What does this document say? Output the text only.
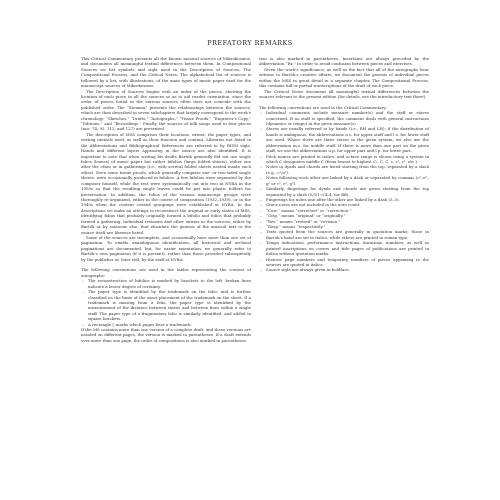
PREFATORY REMARKS

This Critical Commentary presents all the known musical sources of Mikrokosmos, and documents all meaningful textual differences between them. In Compositional Sources we list symbols and sigla used in the Description of Sources, The Compositional Process, and the Critical Notes. The alphabetical list of sources is followed by a list, with illustrations, of the main types of music paper used for the manuscript sources of Mikrokosmos.

The Description of Sources begins with an index of the pieces, showing the location of each piece in all the sources so as to aid reader orientation, since the order of pieces found in the various sources often does not coincide with the published order. The “Stemma” presents the relationships between the sources, which are then described in seven subchapters that largely correspond to the work’s chronology: “Sketches,” “Drafts,” “Autographs,” “Tissue Proofs,” “Engraver’s Copy,” “Editions,” and “Recordings.” Finally, the sources of folk songs used in four pieces (nos. 74, 95, 112, and 127) are presented.

The description of MSS comprises their locations, extent, the paper types, and writing utensils used, as well as their function and content. Libraries not listed in the Abbreviations and Bibliographical References are referred to by RISM sigla. Hands and different layers appearing in the source are also identified. It is important to note that when writing his drafts Bartók generally did not use single folios (leaves) of music paper but rather bifolios (large folded sheets), either one after the other or in gatherings (i.e., with several folded sheets nested inside each other). Even some tissue proofs, which generally comprise one- or two-sided single sheets, were occasionally produced in bifolios. A few bifolios were separated by the composer himself, while the rest were systematically cut into two at NYBA in the 1950s so that the resulting single leaves could be put into plastic folders for preservation. In addition, the folios of the various manuscript groups were thoroughly re-organized, either in the course of composition (1932–1939), or in the 1940s when the content ceased groupings were established at NYBA. In the descriptions we make an attempt to reconstruct the original or early states of MSS, identifying folios that probably originally formed a bifolio and folios that probably formed a gathering. Individual revisions and other entries in the sources, either by Bartók or by someone else, that elucidate the genesis of the musical text or the source itself are likewise listed.

Some of the sources are incomplete, and occasionally have more than one set of pagination. To enable unambiguous identification, all historical and archival paginations are documented, but, for easier orientation, we generally refer to Bartók’s own pagination (if it is present), rather than those provided subsequently by the publisher or, later still, by the staff at NYBA.

The following conventions are used in the tables representing the content of autographs:

– The reconstruction of bifolios is marked by brackets to the left; broken lines indicate a lesser degree of certainty.
– The paper type is identified by the trademark on the folio, and is further classified on the basis of the exact placement of the trademark on the sheet. If a trademark is missing from a folio, the paper type is identified by the measurement of the distance between staves and between lines within a single staff. The paper type of a fragmentary folio is similarly identified, and added in square brackets.
– A rectangle ▯ marks which pages bear a trademark.

If the MS contains more than one version of a complete draft, and these versions are notated on different pages, the version is marked in parentheses. If a draft extends over more than one page, the order of compositions is also marked in parentheses.

tion is also marked in parentheses. Insertions are always preceded by the abbreviation “Ex.” in order to avoid confusion between pieces and exercises.

Given the work’s significance, as well as the fact that all of the autographs bear witness to Bartók’s creative efforts, we document the genesis of individual pieces within the MSS in great detail in a separate chapter, The Compositional Process; this contains full or partial transcriptions of the draft of each piece.

The Critical Notes document all meaningful textual differences between the sources relevant to the present edition (for details, see the introductory text there).

The following conventions are used in the Critical Commentary:

– Individual comments include measure number(s) and the staff or staves concerned. If no staff is specified, the comment deals with general instructions (dynamics or tempo) in the given measure(s).
– Staves are usually referred to by hands (i.e., RH and LH); if the distribution of hands is ambiguous, the abbreviations u.s. for upper staff and l.s. for lower staff are used. Where there are three staves in the given system, we also use the abbreviation m.s. for middle staff. If there is more than one part on the given staff, we use the abbreviations u.p. for upper part and l.p. for lower part.
– Pitch names are printed in italics, and octave range is shown using a system in which C designates middle C (from lowest to highest C₁, C, C, c, c¹, c², etc.).
– Notes in dyads and chords are listed starting from the top, separated by a slash (e.g., c²/a¹).
– Notes following each other are linked by a dash or separated by commas (c²–e²–g² or c², e², g²).
– Similarly, fingerings for dyads and chords are given starting from the top separated by a slash (5/3/1=(4–4, for BB).
– Fingerings for notes one after the other are linked by a dash (5–3).
– Grace notes are not included in the note count.
– “Corr.” means “corrected” or “correction.”
– “Orig.” means “original” or “originally.”
– “Rev.” means “revised” or “revision.”
– “Resp.” means “respectively.”
– Texts quoted from the sources are generally in quotation marks; those in Bartók’s hand are set in italics, while others are printed in roman type.
– Tempo indications, performance instructions, durations, numbers, as well as printed inscriptions on covers and title pages of publications are printed in italics without quotation marks.
– Historic page numbers and temporary numbers of pieces appearing in the sources are quoted in italics.
– Source sigla are always given in boldface.
